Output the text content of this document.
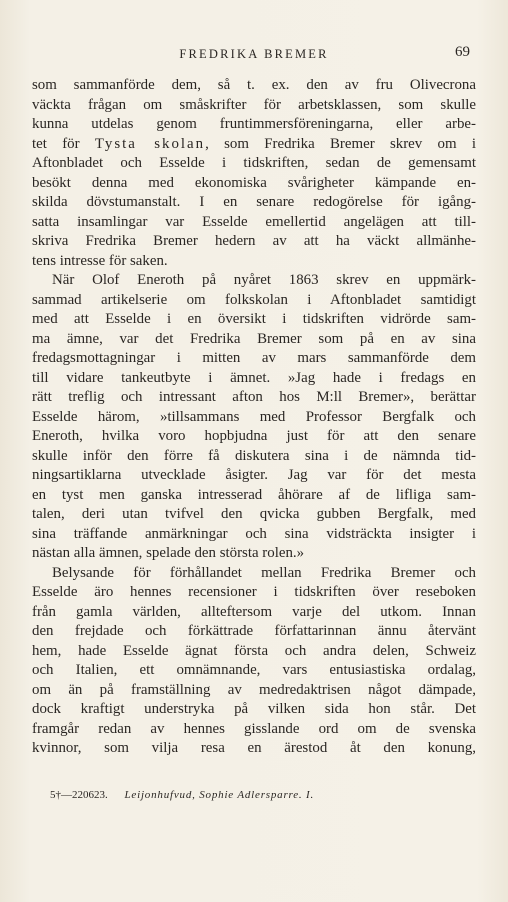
FREDRIKA BREMER	69
som sammanförde dem, så t. ex. den av fru Olivecrona
väckta frågan om småskrifter för arbetsklassen, som skulle
kunna utdelas genom fruntimmersföreningarna, eller arbe-
tet för Tysta skolan, som Fredrika Bremer skrev om i
Aftonbladet och Esselde i tidskriften, sedan de gemensamt
besökt denna med ekonomiska svårigheter kämpande en-
skilda dövstumanstalt. I en senare redogörelse för igång-
satta insamlingar var Esselde emellertid angelägen att till-
skriva Fredrika Bremer hedern av att ha väckt allmänhe-
tens intresse för saken.
När Olof Eneroth på nyåret 1863 skrev en uppmärk-
sammad artikelserie om folkskolan i Aftonbladet samtidigt
med att Esselde i en översikt i tidskriften vidrörde sam-
ma ämne, var det Fredrika Bremer som på en av sina
fredagsmottagningar i mitten av mars sammanförde dem
till vidare tankeutbyte i ämnet. »Jag hade i fredags en
rätt treflig och intressant afton hos M:ll Bremer», berättar
Esselde härom, »tillsammans med Professor Bergfalk och
Eneroth, hvilka voro hopbjudna just för att den senare
skulle inför den förre få diskutera sina i de nämnda tid-
ningsartiklarna utvecklade åsigter. Jag var för det mesta
en tyst men ganska intresserad åhörare af de lifliga sam-
talen, deri utan tvifvel den qvicka gubben Bergfalk, med
sina träffande anmärkningar och sina vidsträckta insigter i
nästan alla ämnen, spelade den största rolen.»
Belysande för förhållandet mellan Fredrika Bremer och
Esselde äro hennes recensioner i tidskriften över reseboken
från gamla världen, allteftersom varje del utkom. Innan
den frejdade och förkättrade författarinnan ännu återvänt
hem, hade Esselde ägnat första och andra delen, Schweiz
och Italien, ett omnämnande, vars entusiastiska ordalag,
om än på framställning av medredaktrisen något dämpade,
dock kraftigt understryka på vilken sida hon står. Det
framgår redan av hennes gisslande ord om de svenska
kvinnor, som vilja resa en ärestod åt den konung,
5†—220623. Leijonhufvud, Sophie Adlersparre. I.
